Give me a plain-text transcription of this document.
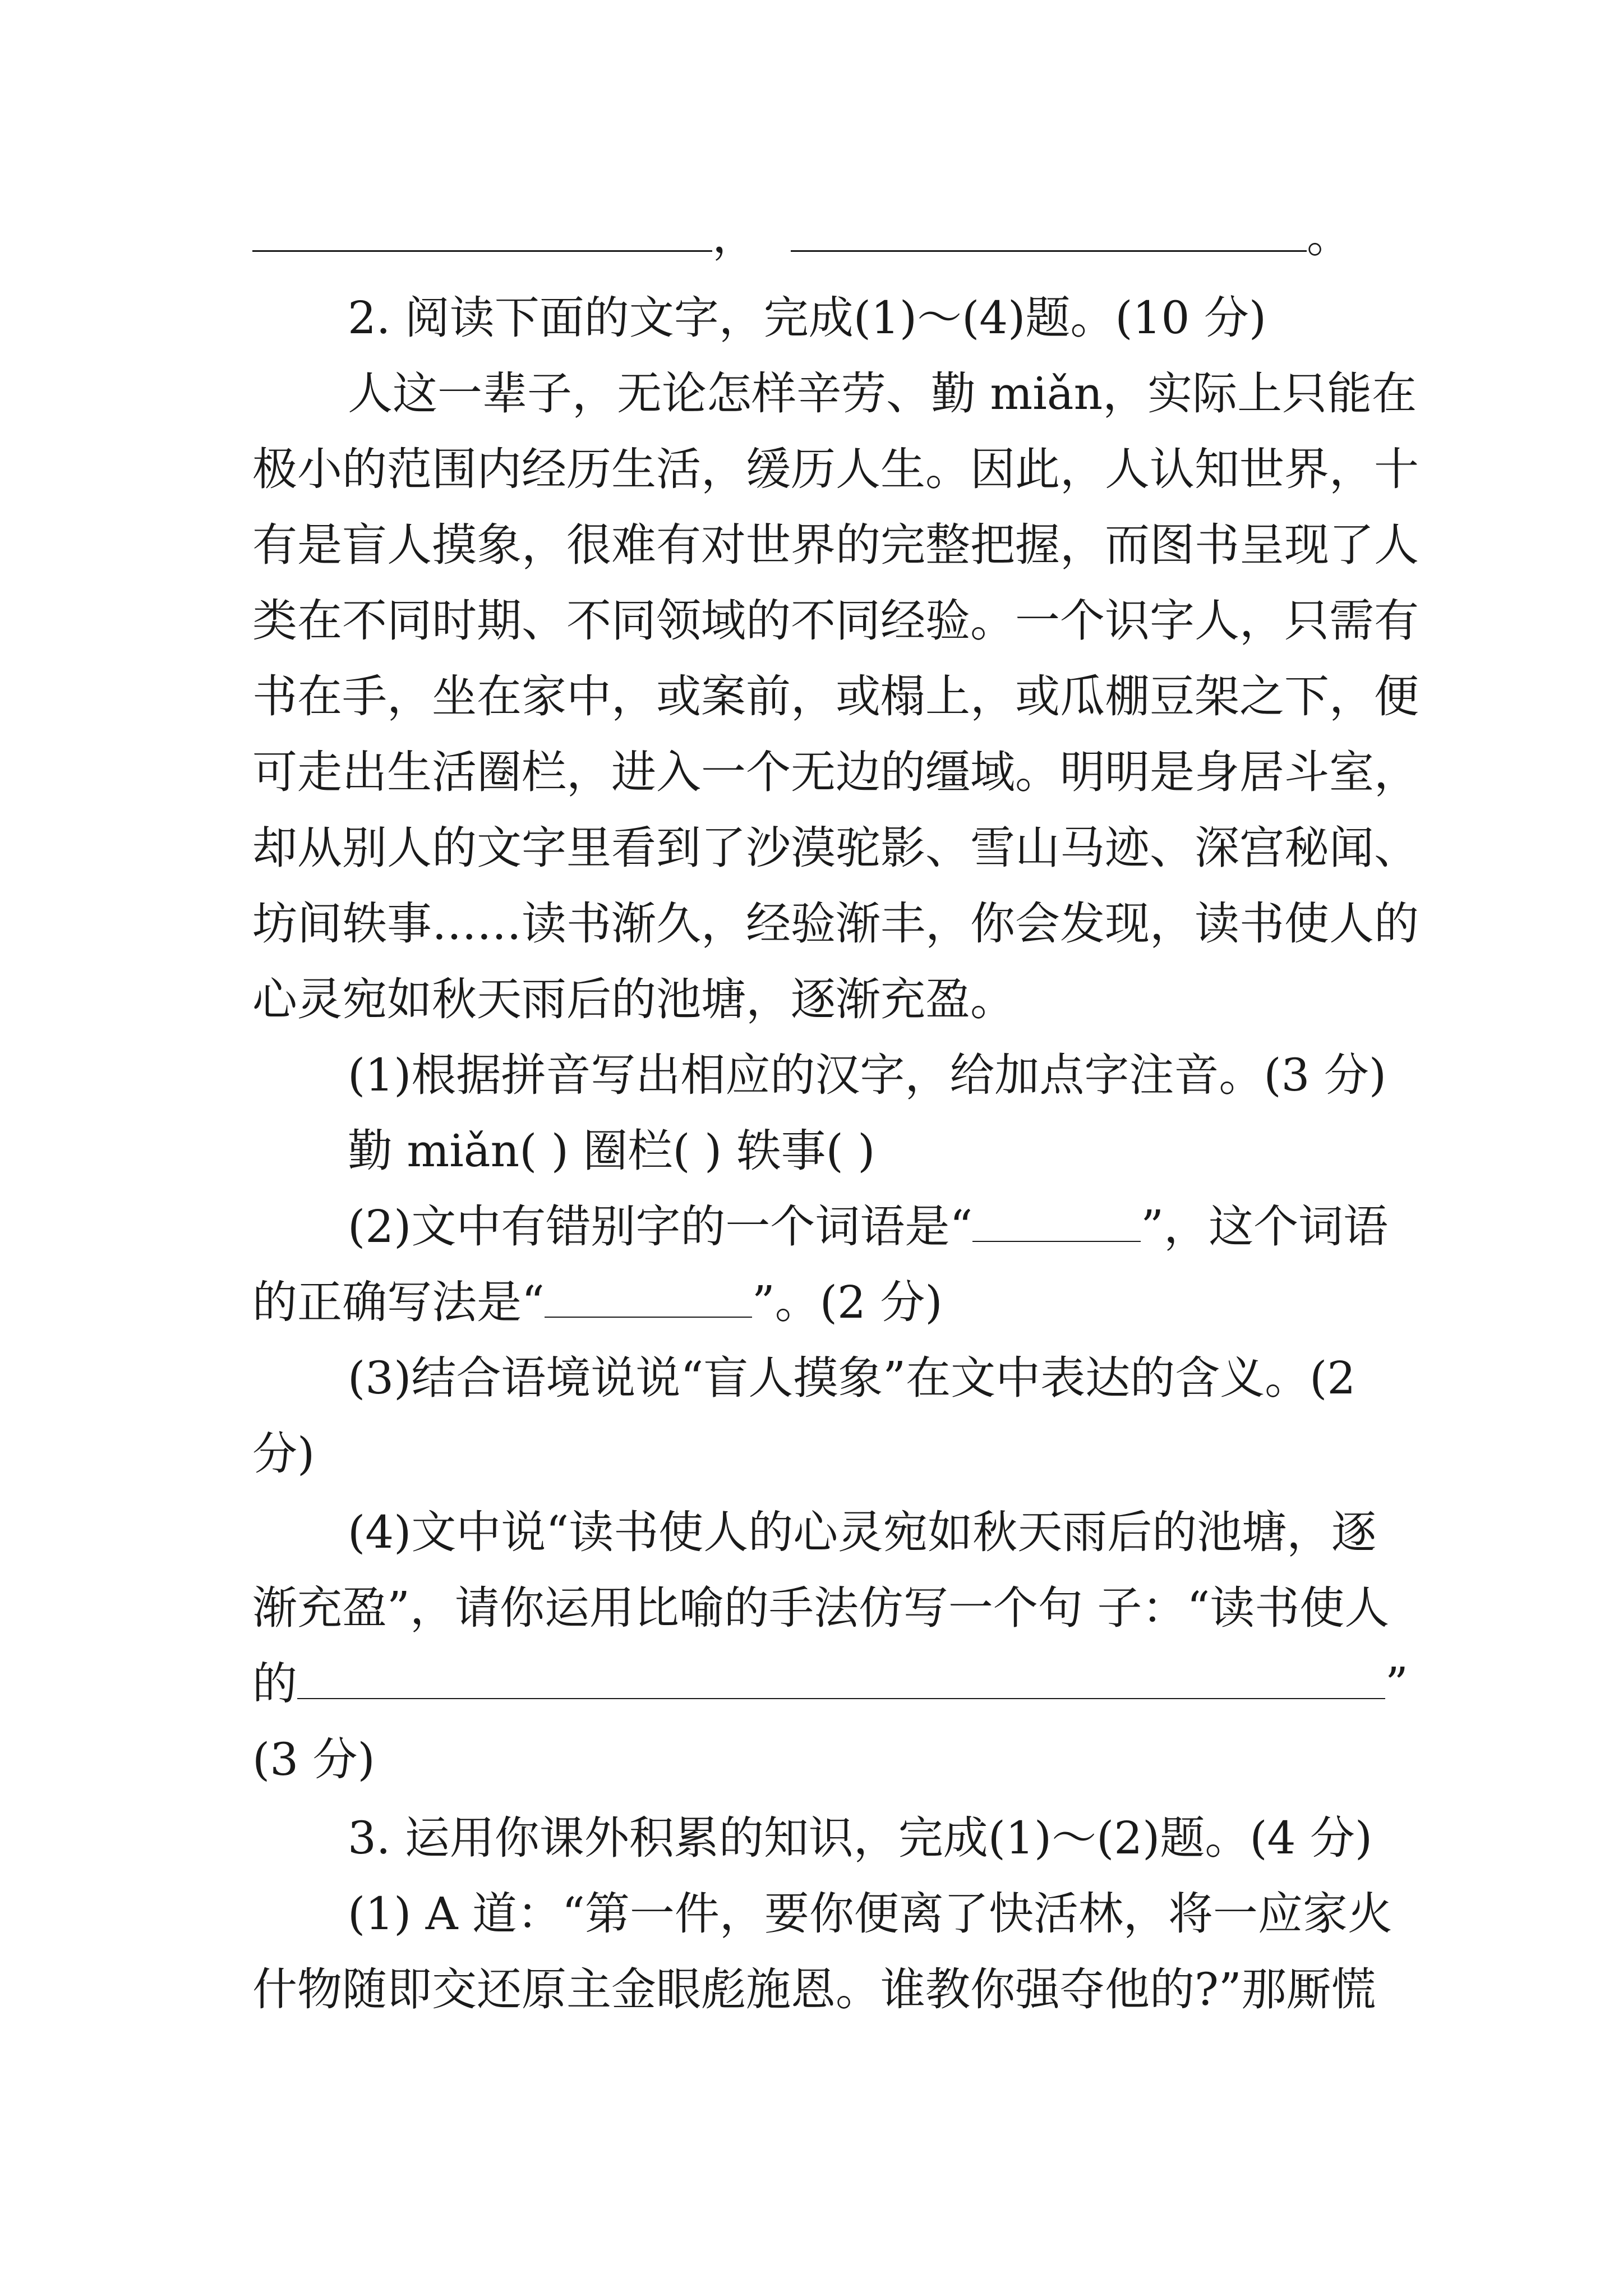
，	。
2. 阅读下面的文字，完成(1)～(4)题。(10 分)
人这一辈子，无论怎样辛劳、勤 miǎn，实际上只能在
极小的范围内经历生活，缓历人生。因此，人认知世界，十
有是盲人摸象，很难有对世界的完整把握，而图书呈现了人
类在不同时期、不同领域的不同经验。一个识字人，只需有
书在手，坐在家中，或案前，或榻上，或瓜棚豆架之下，便
可走出生活圈栏，进入一个无边的缰域。明明是身居斗室，
却从别人的文字里看到了沙漠驼影、雪山马迹、深宫秘闻、
坊间轶事……读书渐久，经验渐丰，你会发现，读书使人的
心灵宛如秋天雨后的池塘，逐渐充盈。
(1)根据拼音写出相应的汉字，给加点字注音。(3 分)
勤 miǎn( ) 圈栏( ) 轶事( )
(2)文中有错别字的一个词语是“	”，这个词语
的正确写法是“	”。(2 分)
(3)结合语境说说“盲人摸象”在文中表达的含义。(2
分)
(4)文中说“读书使人的心灵宛如秋天雨后的池塘，逐
渐充盈”，请你运用比喻的手法仿写一个句 子：“读书使人
的	”
(3 分)
3. 运用你课外积累的知识，完成(1)～(2)题。(4 分)
(1) A 道：“第一件，要你便离了快活林，将一应家火
什物随即交还原主金眼彪施恩。谁教你强夺他的?”那厮慌
